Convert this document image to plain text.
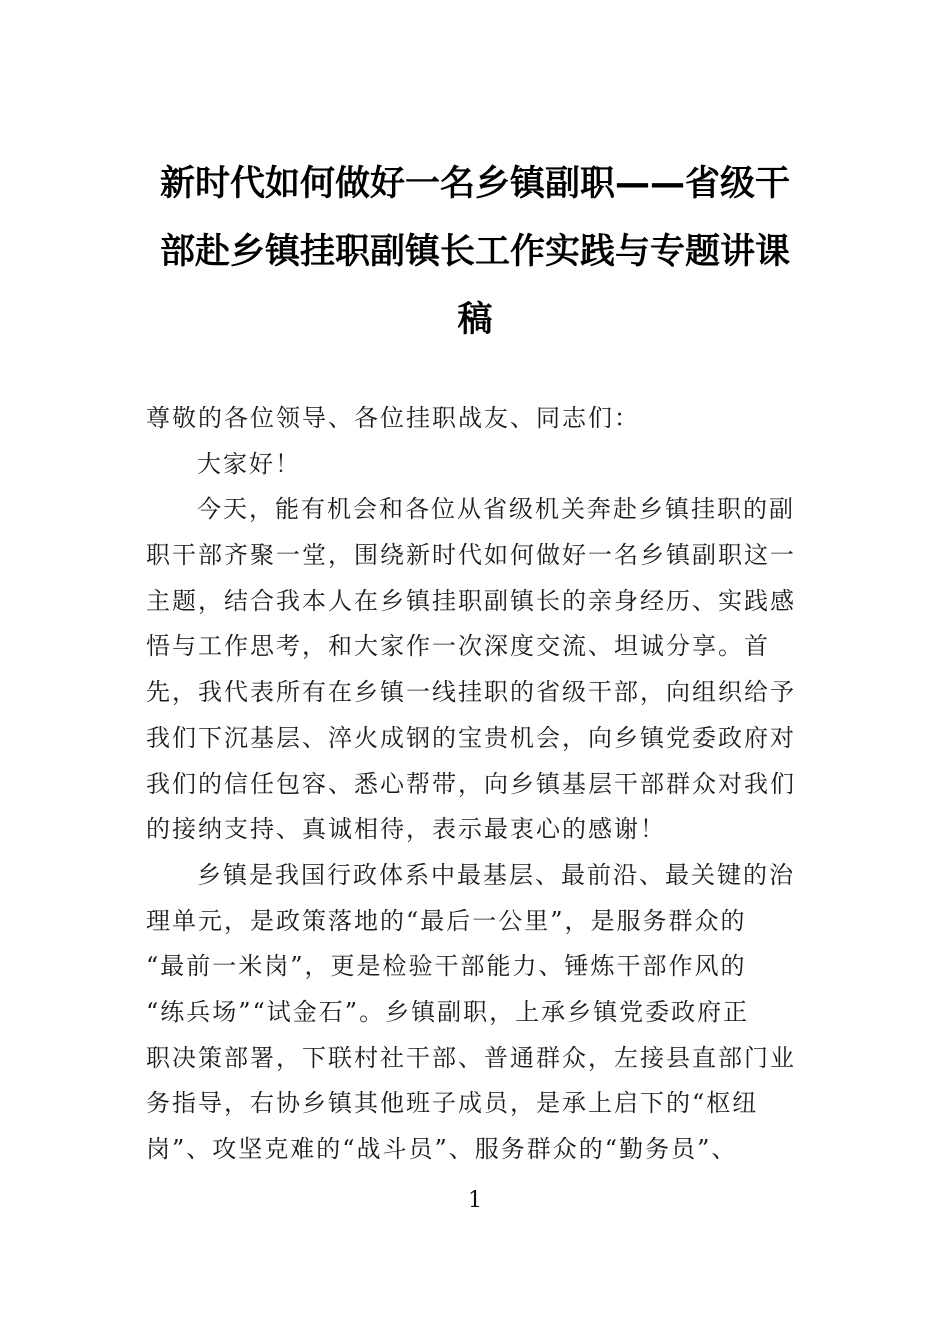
新时代如何做好一名乡镇副职——省级干
部赴乡镇挂职副镇长工作实践与专题讲课
稿
尊敬的各位领导、各位挂职战友、同志们：
大家好！
今天，能有机会和各位从省级机关奔赴乡镇挂职的副
职干部齐聚一堂，围绕新时代如何做好一名乡镇副职这一
主题，结合我本人在乡镇挂职副镇长的亲身经历、实践感
悟与工作思考，和大家作一次深度交流、坦诚分享。首
先，我代表所有在乡镇一线挂职的省级干部，向组织给予
我们下沉基层、淬火成钢的宝贵机会，向乡镇党委政府对
我们的信任包容、悉心帮带，向乡镇基层干部群众对我们
的接纳支持、真诚相待，表示最衷心的感谢！
乡镇是我国行政体系中最基层、最前沿、最关键的治
理单元，是政策落地的“最后一公里”，是服务群众的
“最前一米岗”，更是检验干部能力、锤炼干部作风的
“练兵场”“试金石”。乡镇副职，上承乡镇党委政府正
职决策部署，下联村社干部、普通群众，左接县直部门业
务指导，右协乡镇其他班子成员，是承上启下的“枢纽
岗”、攻坚克难的“战斗员”、服务群众的“勤务员”、
1
